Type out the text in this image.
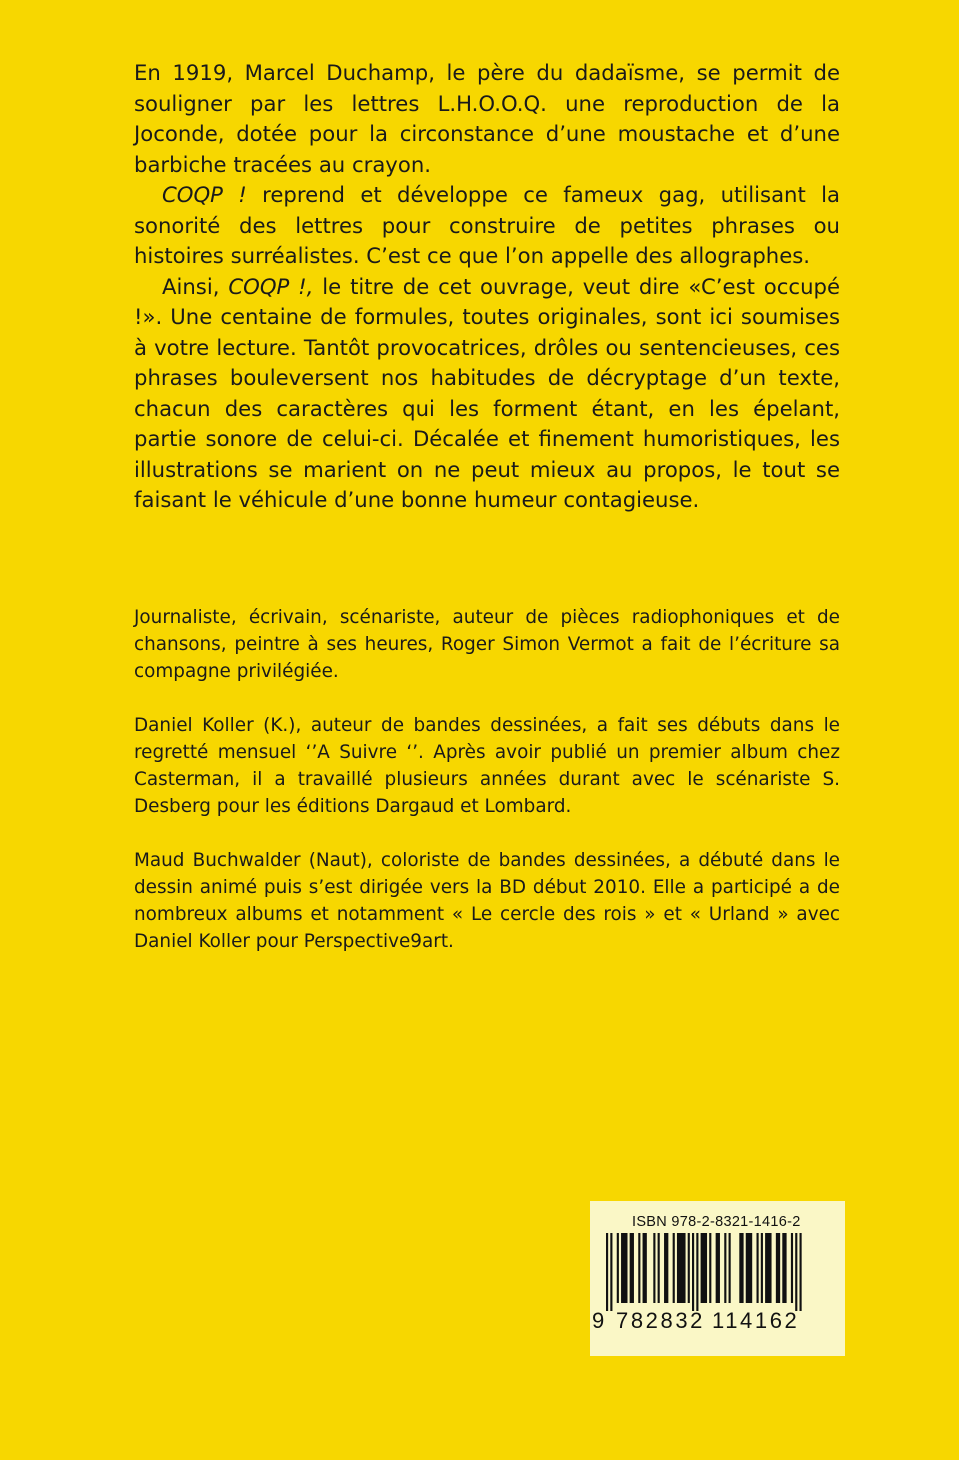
En 1919, Marcel Duchamp, le père du dadaïsme, se permit de souligner par les lettres L.H.O.O.Q. une reproduction de la Joconde, dotée pour la circonstance d’une moustache et d’une barbiche tracées au crayon.

COQP ! reprend et développe ce fameux gag, utilisant la sonorité des lettres pour construire de petites phrases ou histoires surréalistes. C’est ce que l’on appelle des allographes.

Ainsi, COQP !, le titre de cet ouvrage, veut dire «C’est occupé !». Une centaine de formules, toutes originales, sont ici soumises à votre lecture. Tantôt provocatrices, drôles ou sentencieuses, ces phrases bouleversent nos habitudes de décryptage d’un texte, chacun des caractères qui les forment étant, en les épelant, partie sonore de celui-ci. Décalée et finement humoristiques, les illustrations se marient on ne peut mieux au propos, le tout se faisant le véhicule d’une bonne humeur contagieuse.

Journaliste, écrivain, scénariste, auteur de pièces radiophoniques et de chansons, peintre à ses heures, Roger Simon Vermot a fait de l’écriture sa compagne privilégiée.

Daniel Koller (K.), auteur de bandes dessinées, a fait ses débuts dans le regretté mensuel ‘’A Suivre ‘’. Après avoir publié un premier album chez Casterman, il a travaillé plusieurs années durant avec le scénariste S. Desberg pour les éditions Dargaud et Lombard.

Maud Buchwalder (Naut), coloriste de bandes dessinées, a débuté dans le dessin animé puis s’est dirigée vers la BD début 2010. Elle a participé a de nombreux albums et notamment « Le cercle des rois » et « Urland » avec Daniel Koller pour Perspective9art.

ISBN 978-2-8321-1416-2
9 782832 114162
